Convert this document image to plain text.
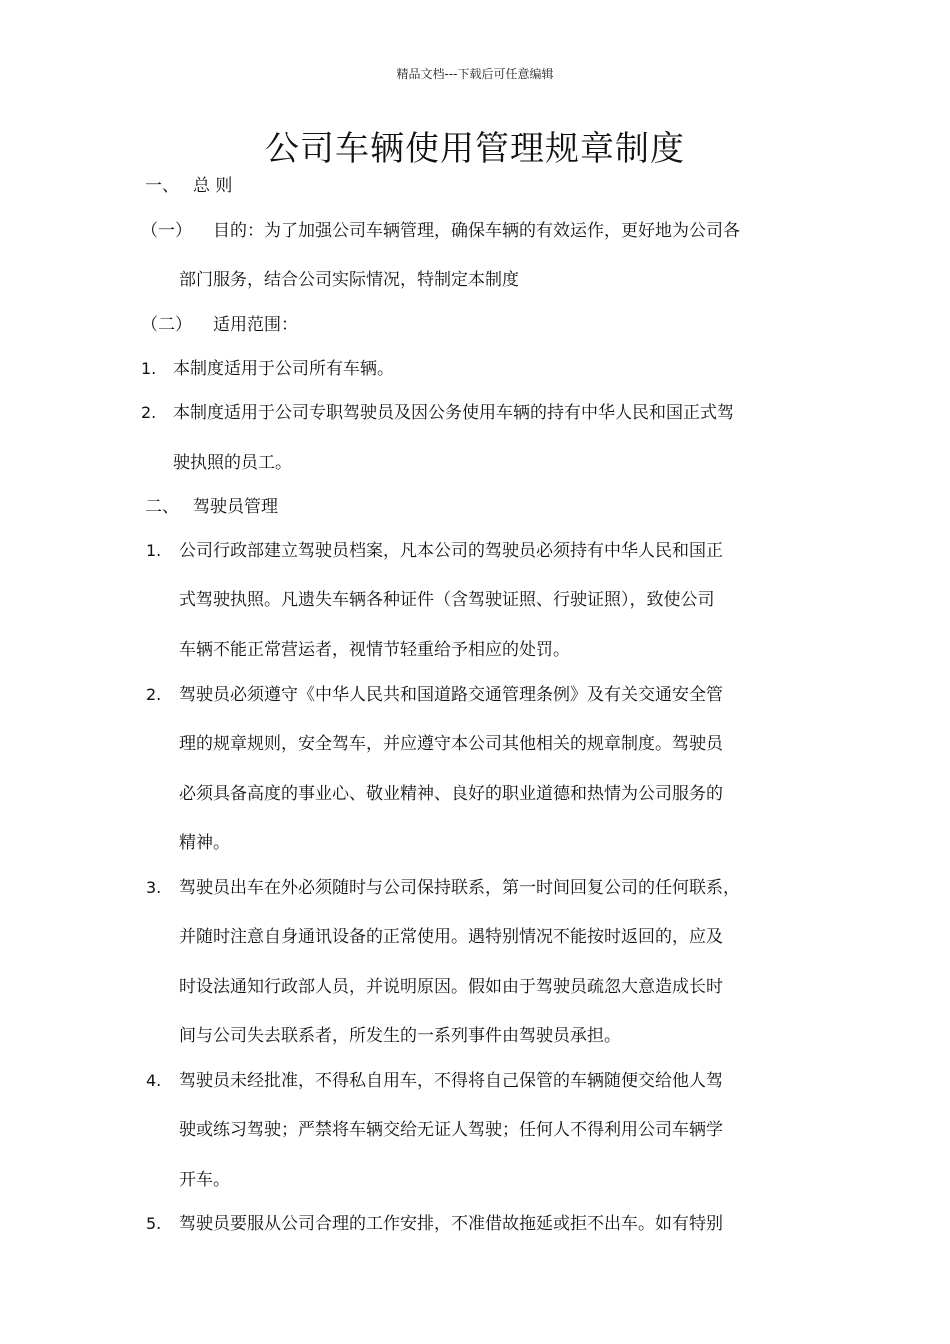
精品文档---下载后可任意编辑
公司车辆使用管理规章制度
一、 总 则
（一） 目的：为了加强公司车辆管理，确保车辆的有效运作，更好地为公司各
部门服务，结合公司实际情况，特制定本制度
（二） 适用范围：
1. 本制度适用于公司所有车辆。
2. 本制度适用于公司专职驾驶员及因公务使用车辆的持有中华人民和国正式驾
驶执照的员工。
二、 驾驶员管理
1. 公司行政部建立驾驶员档案，凡本公司的驾驶员必须持有中华人民和国正
式驾驶执照。凡遗失车辆各种证件（含驾驶证照、行驶证照），致使公司
车辆不能正常营运者，视情节轻重给予相应的处罚。
2. 驾驶员必须遵守《中华人民共和国道路交通管理条例》及有关交通安全管
理的规章规则，安全驾车，并应遵守本公司其他相关的规章制度。驾驶员
必须具备高度的事业心、敬业精神、良好的职业道德和热情为公司服务的
精神。
3. 驾驶员出车在外必须随时与公司保持联系，第一时间回复公司的任何联系，
并随时注意自身通讯设备的正常使用。遇特别情况不能按时返回的，应及
时设法通知行政部人员，并说明原因。假如由于驾驶员疏忽大意造成长时
间与公司失去联系者，所发生的一系列事件由驾驶员承担。
4. 驾驶员未经批准，不得私自用车，不得将自己保管的车辆随便交给他人驾
驶或练习驾驶；严禁将车辆交给无证人驾驶；任何人不得利用公司车辆学
开车。
5. 驾驶员要服从公司合理的工作安排，不准借故拖延或拒不出车。如有特别
